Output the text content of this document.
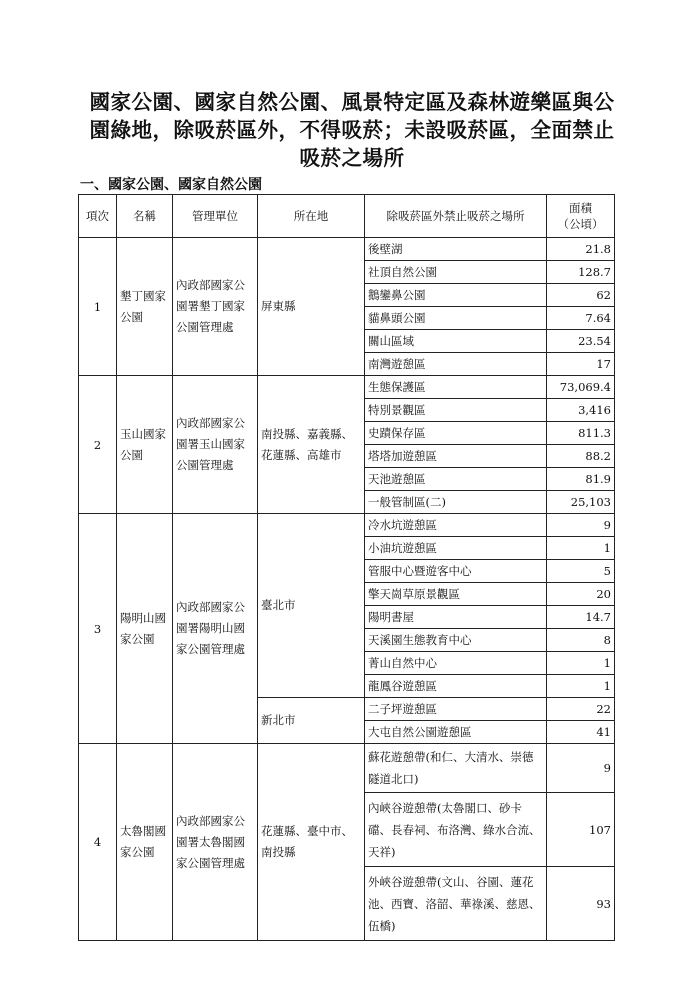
國家公園、國家自然公園、風景特定區及森林遊樂區與公
園綠地，除吸菸區外，不得吸菸；未設吸菸區，全面禁止
吸菸之場所
一、國家公園、國家自然公園
項次	名稱	管理單位	所在地	除吸菸區外禁止吸菸之場所	面積
（公頃）

1	墾丁國家公園	內政部國家公園署墾丁國家公園管理處	屏東縣	後壁湖	21.8
				社頂自然公園	128.7
				鵝鑾鼻公園	62
				貓鼻頭公園	7.64
				關山區域	23.54
				南灣遊憩區	17
2	玉山國家公園	內政部國家公園署玉山國家公園管理處	南投縣、嘉義縣、花蓮縣、高雄市	生態保護區	73,069.4
				特別景觀區	3,416
				史蹟保存區	811.3
				塔塔加遊憩區	88.2
				天池遊憩區	81.9
				一般管制區(二)	25,103
3	陽明山國家公園	內政部國家公園署陽明山國家公園管理處	臺北市	冷水坑遊憩區	9
				小油坑遊憩區	1
				管服中心暨遊客中心	5
				擎天崗草原景觀區	20
				陽明書屋	14.7
				天溪園生態教育中心	8
				菁山自然中心	1
				龍鳳谷遊憩區	1
			新北市	二子坪遊憩區	22
				大屯自然公園遊憩區	41
4	太魯閣國家公園	內政部國家公園署太魯閣國家公園管理處	花蓮縣、臺中市、南投縣	蘇花遊憩帶(和仁、大清水、崇德隧道北口)	9
				內峽谷遊憩帶(太魯閣口、砂卡礑、長春祠、布洛灣、綠水合流、天祥)	107
				外峽谷遊憩帶(文山、谷園、蓮花池、西寶、洛韶、華祿溪、慈恩、伍橋)	93
